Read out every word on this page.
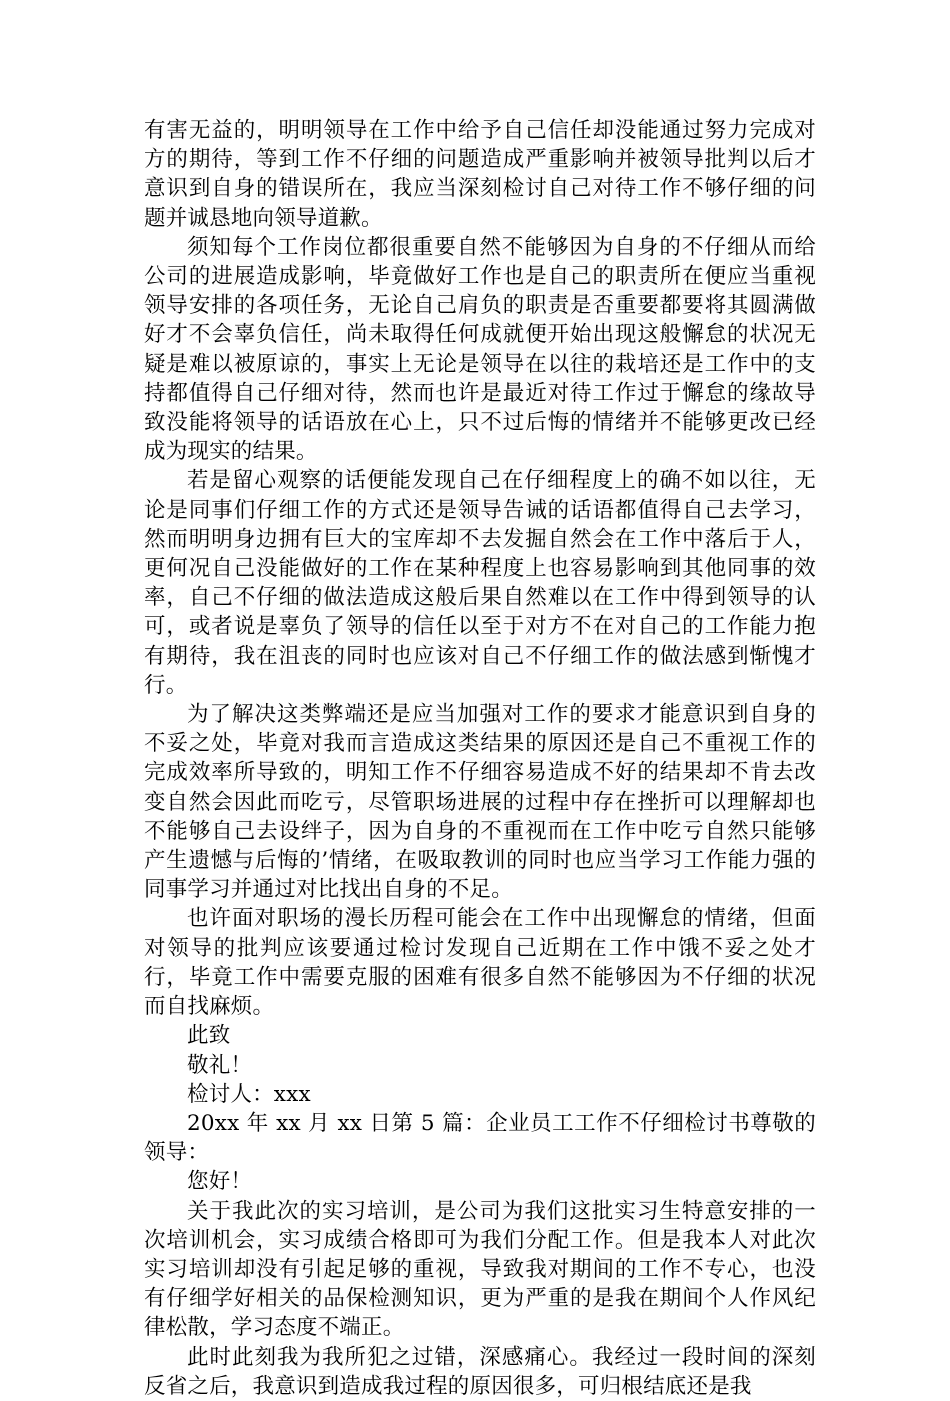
有害无益的，明明领导在工作中给予自己信任却没能通过努力完成对方的期待，等到工作不仔细的问题造成严重影响并被领导批判以后才意识到自身的错误所在，我应当深刻检讨自己对待工作不够仔细的问题并诚恳地向领导道歉。

须知每个工作岗位都很重要自然不能够因为自身的不仔细从而给公司的进展造成影响，毕竟做好工作也是自己的职责所在便应当重视领导安排的各项任务，无论自己肩负的职责是否重要都要将其圆满做好才不会辜负信任，尚未取得任何成就便开始出现这般懈怠的状况无疑是难以被原谅的，事实上无论是领导在以往的栽培还是工作中的支持都值得自己仔细对待，然而也许是最近对待工作过于懈怠的缘故导致没能将领导的话语放在心上，只不过后悔的情绪并不能够更改已经成为现实的结果。

若是留心观察的话便能发现自己在仔细程度上的确不如以往，无论是同事们仔细工作的方式还是领导告诫的话语都值得自己去学习，然而明明身边拥有巨大的宝库却不去发掘自然会在工作中落后于人，更何况自己没能做好的工作在某种程度上也容易影响到其他同事的效率，自己不仔细的做法造成这般后果自然难以在工作中得到领导的认可，或者说是辜负了领导的信任以至于对方不在对自己的工作能力抱有期待，我在沮丧的同时也应该对自己不仔细工作的做法感到惭愧才行。

为了解决这类弊端还是应当加强对工作的要求才能意识到自身的不妥之处，毕竟对我而言造成这类结果的原因还是自己不重视工作的完成效率所导致的，明知工作不仔细容易造成不好的结果却不肯去改变自然会因此而吃亏，尽管职场进展的过程中存在挫折可以理解却也不能够自己去设绊子，因为自身的不重视而在工作中吃亏自然只能够产生遗憾与后悔的’情绪，在吸取教训的同时也应当学习工作能力强的同事学习并通过对比找出自身的不足。

也许面对职场的漫长历程可能会在工作中出现懈怠的情绪，但面对领导的批判应该要通过检讨发现自己近期在工作中饿不妥之处才行，毕竟工作中需要克服的困难有很多自然不能够因为不仔细的状况而自找麻烦。

此致

敬礼！

检讨人：xxx

20xx 年 xx 月 xx 日第 5 篇：企业员工工作不仔细检讨书尊敬的领导：

您好！

关于我此次的实习培训，是公司为我们这批实习生特意安排的一次培训机会，实习成绩合格即可为我们分配工作。但是我本人对此次实习培训却没有引起足够的重视，导致我对期间的工作不专心，也没有仔细学好相关的品保检测知识，更为严重的是我在期间个人作风纪律松散，学习态度不端正。

此时此刻我为我所犯之过错，深感痛心。我经过一段时间的深刻反省之后，我意识到造成我过程的原因很多，可归根结底还是我
